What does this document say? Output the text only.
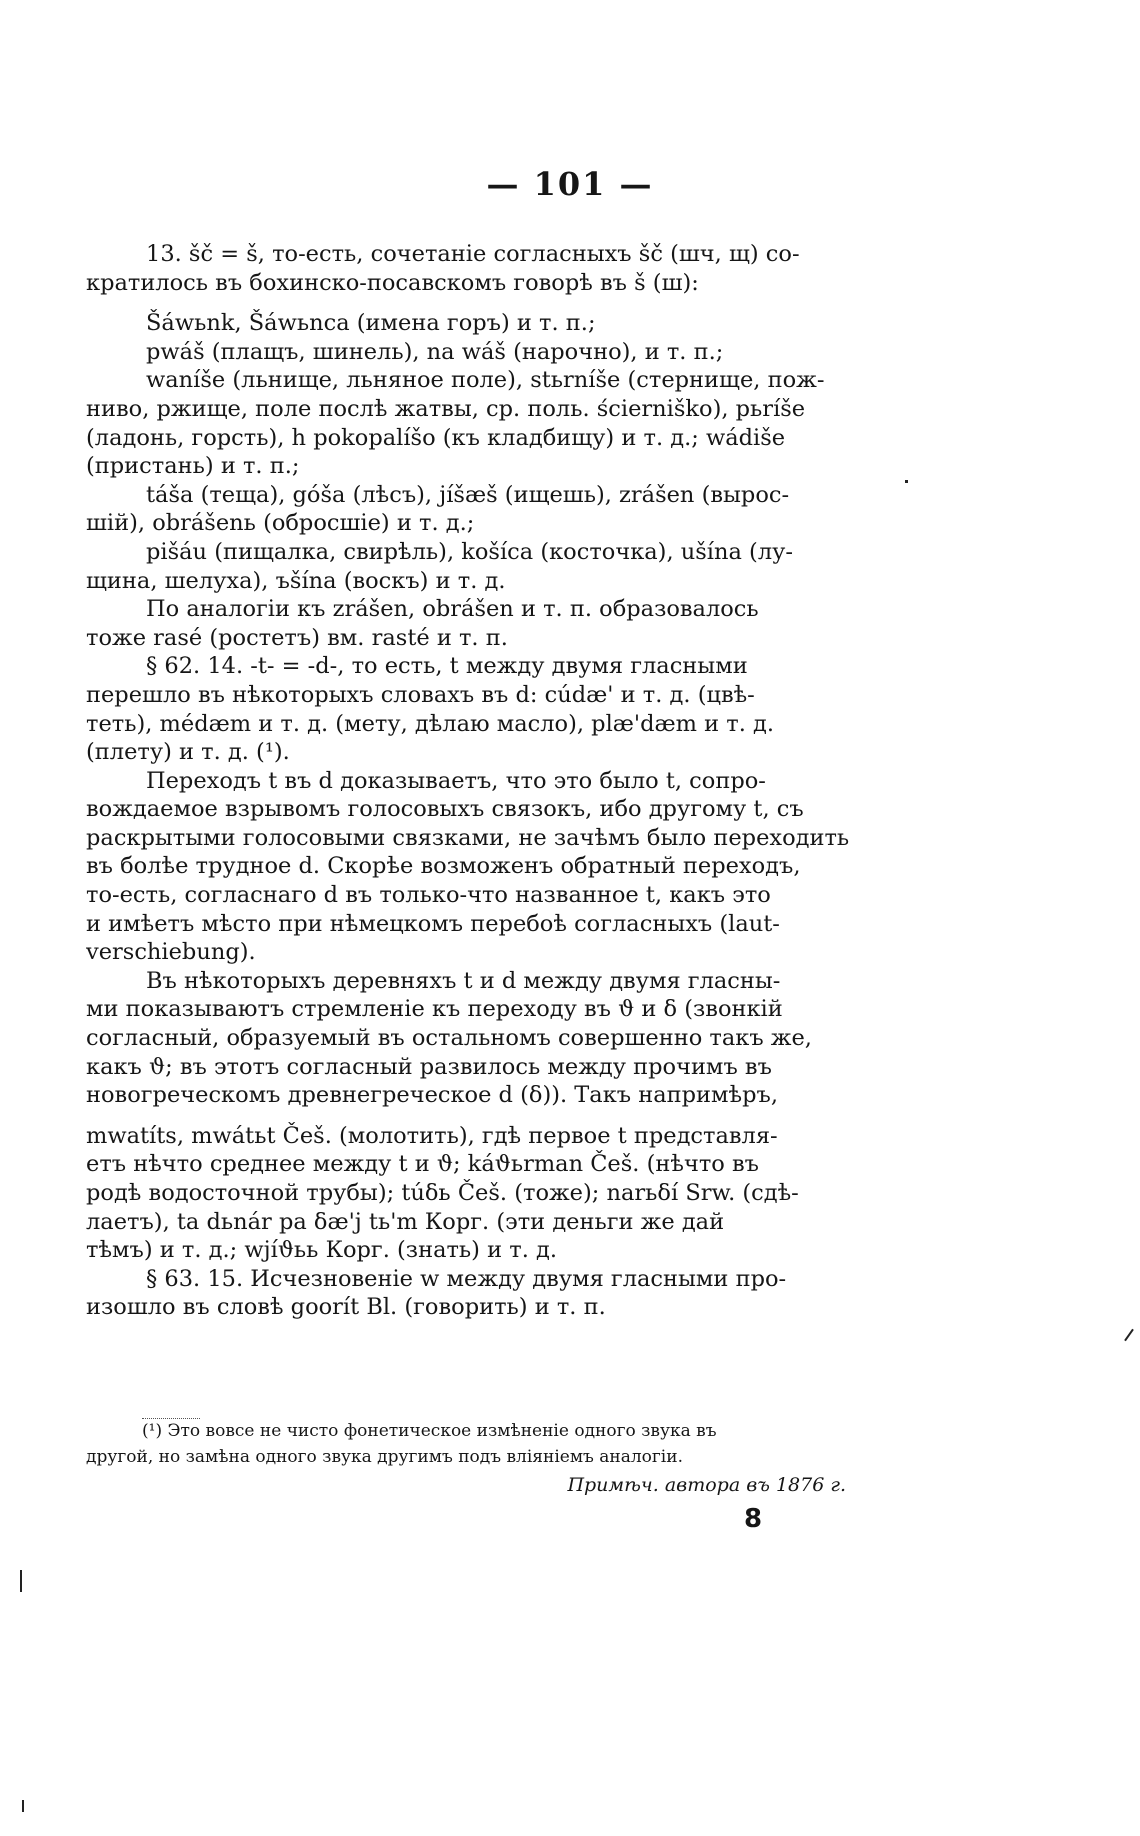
— 101 —
13. šč = š, то-есть, сочетаніе согласныхъ šč (шч, щ) со-
кратилось въ бохинско-посавскомъ говорѣ въ š (ш):
Šáwьnk, Šáwьnca (имена горъ) и т. п.;
pwáš (плащъ, шинель), na wáš (нарочно), и т. п.;
waníše (льнище, льняное поле), stьrníše (стернище, пож-
ниво, ржище, поле послѣ жатвы, ср. поль. ścierniško), pьríše
(ладонь, горсть), h pokopalíšo (къ кладбищу) и т. д.; wádiše
(пристань) и т. п.;
táša (теща), góša (лѣсъ), jíšæš (ищешь), zrášen (вырос-
шій), obrášenь (обросшіе) и т. д.;
pišáu (пищалка, свирѣль), košíca (косточка), ušína (лу-
щина, шелуха), ъšína (воскъ) и т. д.
По аналогіи къ zrášen, obrášen и т. п. образовалось
тоже rasé (ростетъ) вм. rasté и т. п.
§ 62. 14. -t- = -d-, то есть, t между двумя гласными
перешло въ нѣкоторыхъ словахъ въ d: cúdæ' и т. д. (цвѣ-
теть), médæm и т. д. (мету, дѣлаю масло), plæ'dæm и т. д.
(плету) и т. д. (¹).
Переходъ t въ d доказываетъ, что это было t, сопро-
вождаемое взрывомъ голосовыхъ связокъ, ибо другому t, съ
раскрытыми голосовыми связками, не зачѣмъ было переходить
въ болѣе трудное d. Скорѣе возможенъ обратный переходъ,
то-есть, согласнаго d въ только-что названное t, какъ это
и имѣетъ мѣсто при нѣмецкомъ перебоѣ согласныхъ (laut-
verschiebung).
Въ нѣкоторыхъ деревняхъ t и d между двумя гласны-
ми показываютъ стремленіе къ переходу въ ϑ и δ (звонкій
согласный, образуемый въ остальномъ совершенно такъ же,
какъ ϑ; въ этотъ согласный развилось между прочимъ въ
новогреческомъ древнегреческое d (δ)). Такъ напримѣръ,
mwatíts, mwátьt Češ. (молотить), гдѣ первое t представля-
етъ нѣчто среднее между t и ϑ; káϑьrman Češ. (нѣчто въ
родѣ водосточной трубы); túδь Češ. (тоже); narьδí Srw. (сдѣ-
лаетъ), ta dьnár pa δæ'j tь'm Корг. (эти деньги же дай
тѣмъ) и т. д.; wjíϑьь Корг. (знать) и т. д.
§ 63. 15. Исчезновеніе w между двумя гласными про-
изошло въ словѣ goorít Bl. (говорить) и т. п.
(¹) Это вовсе не чисто фонетическое измѣненіе одного звука въ
другой, но замѣна одного звука другимъ подъ вліяніемъ аналогіи.
Примѣч. автора въ 1876 г.
8
